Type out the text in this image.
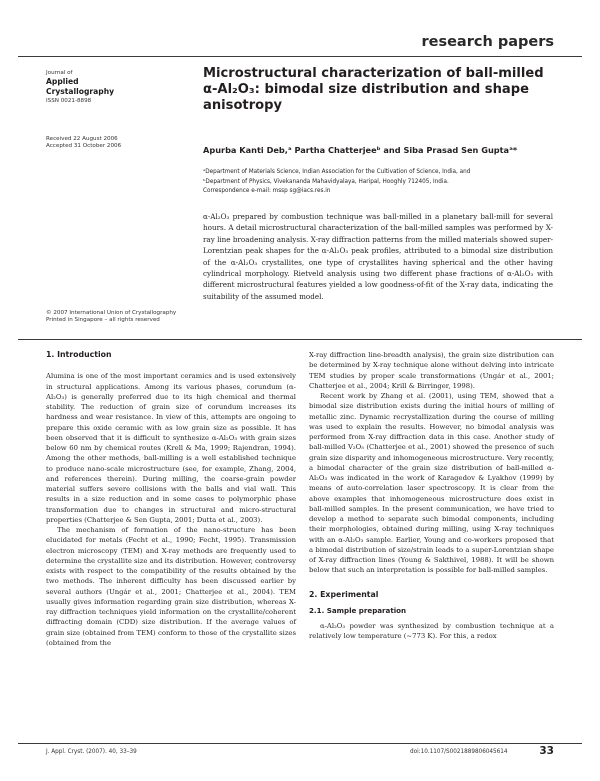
research papers
Journal of
Applied
Crystallography
ISSN 0021-8898
Received 22 August 2006
Accepted 31 October 2006
© 2007 International Union of Crystallography
Printed in Singapore – all rights reserved
Microstructural characterization of ball-milled
α-Al₂O₃: bimodal size distribution and shape
anisotropy
Apurba Kanti Deb,ᵃ Partha Chatterjeeᵇ and Siba Prasad Sen Guptaᵃ*
ᵃDepartment of Materials Science, Indian Association for the Cultivation of Science, India, and
ᵇDepartment of Physics, Vivekananda Mahavidyalaya, Haripal, Hooghly 712405, India.
Correspondence e-mail: mssp sg@iacs.res.in
α-Al₂O₃ prepared by combustion technique was ball-milled in a planetary ball-mill for several hours. A detail microstructural characterization of the ball-milled samples was performed by X-ray line broadening analysis. X-ray diffraction patterns from the milled materials showed super-Lorentzian peak shapes for the α-Al₂O₃ peak profiles, attributed to a bimodal size distribution of the α-Al₂O₃ crystallites, one type of crystallites having spherical and the other having cylindrical morphology. Rietveld analysis using two different phase fractions of α-Al₂O₃ with different microstructural features yielded a low goodness-of-fit of the X-ray data, indicating the suitability of the assumed model.
1. Introduction

Alumina is one of the most important ceramics and is used extensively in structural applications. Among its various phases, corundum (α-Al₂O₃) is generally preferred due to its high chemical and thermal stability. The reduction of grain size of corundum increases its hardness and wear resistance. In view of this, attempts are ongoing to prepare this oxide ceramic with as low grain size as possible. It has been observed that it is difficult to synthesize α-Al₂O₃ with grain sizes below 60 nm by chemical routes (Krell & Ma, 1999; Rajendran, 1994). Among the other methods, ball-milling is a well established technique to produce nano-scale microstructure (see, for example, Zhang, 2004, and references therein). During milling, the coarse-grain powder material suffers severe collisions with the balls and vial wall. This results in a size reduction and in some cases to polymorphic phase transformation due to changes in structural and micro-structural properties (Chatterjee & Sen Gupta, 2001; Dutta et al., 2003).

The mechanism of formation of the nano-structure has been elucidated for metals (Fecht et al., 1990; Fecht, 1995). Transmission electron microscopy (TEM) and X-ray methods are frequently used to determine the crystallite size and its distribution. However, controversy exists with respect to the compatibility of the results obtained by the two methods. The inherent difficulty has been discussed earlier by several authors (Ungár et al., 2001; Chatterjee et al., 2004). TEM usually gives information regarding grain size distribution, whereas X-ray diffraction techniques yield information on the crystallite/coherent diffracting domain (CDD) size distribution. If the average values of grain size (obtained from TEM) conform to those of the crystallite sizes (obtained from the

X-ray diffraction line-breadth analysis), the grain size distribution can be determined by X-ray technique alone without delving into intricate TEM studies by proper scale transformations (Ungár et al., 2001; Chatterjee et al., 2004; Krill & Birringer, 1998).

Recent work by Zhang et al. (2001), using TEM, showed that a bimodal size distribution exists during the initial hours of milling of metallic zinc. Dynamic recrystallization during the course of milling was used to explain the results. However, no bimodal analysis was performed from X-ray diffraction data in this case. Another study of ball-milled V₂O₅ (Chatterjee et al., 2001) showed the presence of such grain size disparity and inhomogeneous microstructure. Very recently, a bimodal character of the grain size distribution of ball-milled α-Al₂O₃ was indicated in the work of Karagedov & Lyakhov (1999) by means of auto-correlation laser spectroscopy. It is clear from the above examples that inhomogeneous microstructure does exist in ball-milled samples. In the present communication, we have tried to develop a method to separate such bimodal components, including their morphologies, obtained during milling, using X-ray techniques with an α-Al₂O₃ sample. Earlier, Young and co-workers proposed that a bimodal distribution of size/strain leads to a super-Lorentzian shape of X-ray diffraction lines (Young & Sakthivel, 1988). It will be shown below that such an interpretation is possible for ball-milled samples.

2. Experimental
2.1. Sample preparation

α-Al₂O₃ powder was synthesized by combustion technique at a relatively low temperature (~773 K). For this, a redox

J. Appl. Cryst. (2007). 40, 33–39	doi:10.1107/S0021889806045614	33
